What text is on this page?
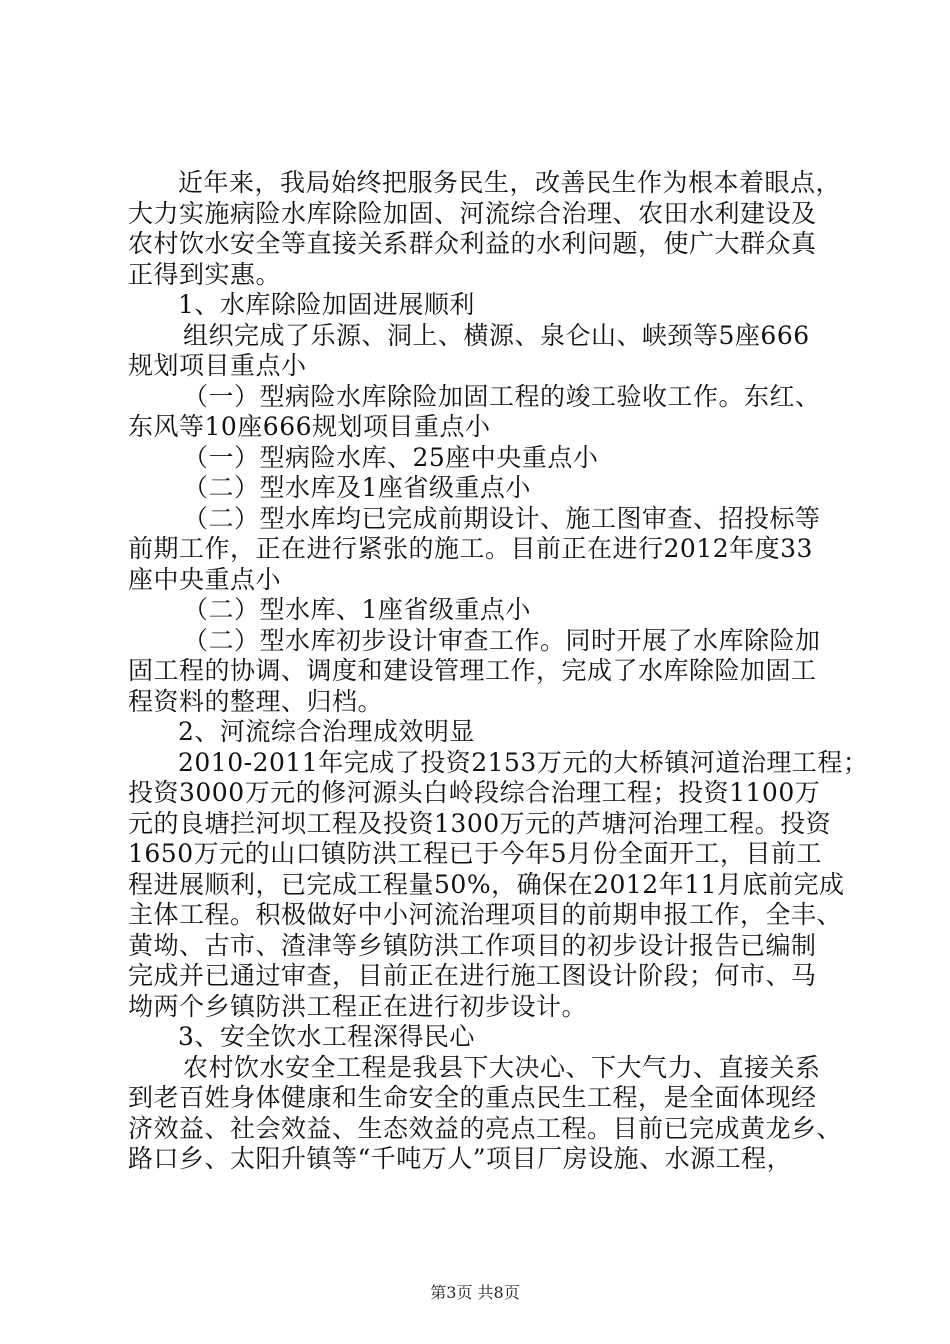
近年来，我局始终把服务民生，改善民生作为根本着眼点，
大力实施病险水库除险加固、河流综合治理、农田水利建设及
农村饮水安全等直接关系群众利益的水利问题，使广大群众真
正得到实惠。
1、水库除险加固进展顺利
组织完成了乐源、洞上、横源、泉仑山、峡颈等5座666
规划项目重点小
（一）型病险水库除险加固工程的竣工验收工作。东红、
东风等10座666规划项目重点小
（一）型病险水库、25座中央重点小
（二）型水库及1座省级重点小
（二）型水库均已完成前期设计、施工图审查、招投标等
前期工作，正在进行紧张的施工。目前正在进行2012年度33
座中央重点小
（二）型水库、1座省级重点小
（二）型水库初步设计审查工作。同时开展了水库除险加
固工程的协调、调度和建设管理工作，完成了水库除险加固工
程资料的整理、归档。
2、河流综合治理成效明显
2010-2011年完成了投资2153万元的大桥镇河道治理工程；
投资3000万元的修河源头白岭段综合治理工程；投资1100万
元的良塘拦河坝工程及投资1300万元的芦塘河治理工程。投资
1650万元的山口镇防洪工程已于今年5月份全面开工，目前工
程进展顺利，已完成工程量50%，确保在2012年11月底前完成
主体工程。积极做好中小河流治理项目的前期申报工作，全丰、
黄坳、古市、渣津等乡镇防洪工作项目的初步设计报告已编制
完成并已通过审查，目前正在进行施工图设计阶段；何市、马
坳两个乡镇防洪工程正在进行初步设计。
3、安全饮水工程深得民心
农村饮水安全工程是我县下大决心、下大气力、直接关系
到老百姓身体健康和生命安全的重点民生工程，是全面体现经
济效益、社会效益、生态效益的亮点工程。目前已完成黄龙乡、
路口乡、太阳升镇等“千吨万人”项目厂房设施、水源工程，
第3页 共8页
